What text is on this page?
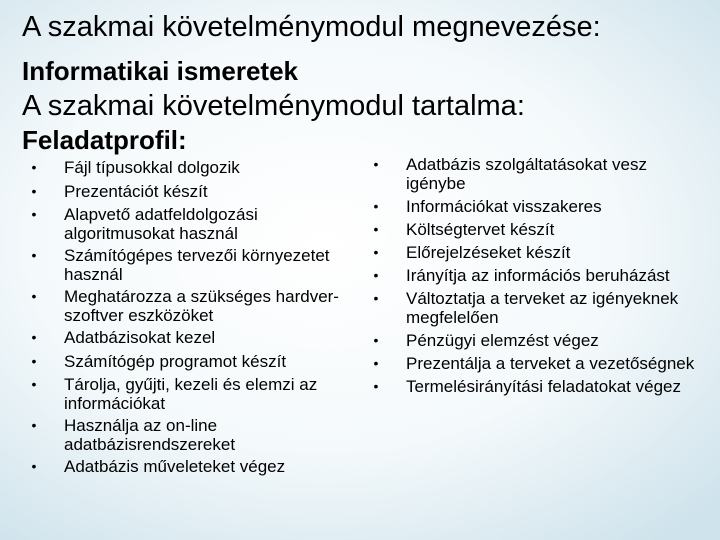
A szakmai követelménymodul megnevezése:
Informatikai ismeretek
A szakmai követelménymodul tartalma:
Feladatprofil:
• Fájl típusokkal dolgozik
• Prezentációt készít
• Alapvető adatfeldolgozási algoritmusokat használ
• Számítógépes tervezői környezetet használ
• Meghatározza a szükséges hardver-szoftver eszközöket
• Adatbázisokat kezel
• Számítógép programot készít
• Tárolja, gyűjti, kezeli és elemzi az információkat
• Használja az on-line adatbázisrendszereket
• Adatbázis műveleteket végez
• Adatbázis szolgáltatásokat vesz igénybe
• Információkat visszakeres
• Költségtervet készít
• Előrejelzéseket készít
• Irányítja az információs beruházást
• Változtatja a terveket az igényeknek megfelelően
• Pénzügyi elemzést végez
• Prezentálja a terveket a vezetőségnek
• Termelésirányítási feladatokat végez
